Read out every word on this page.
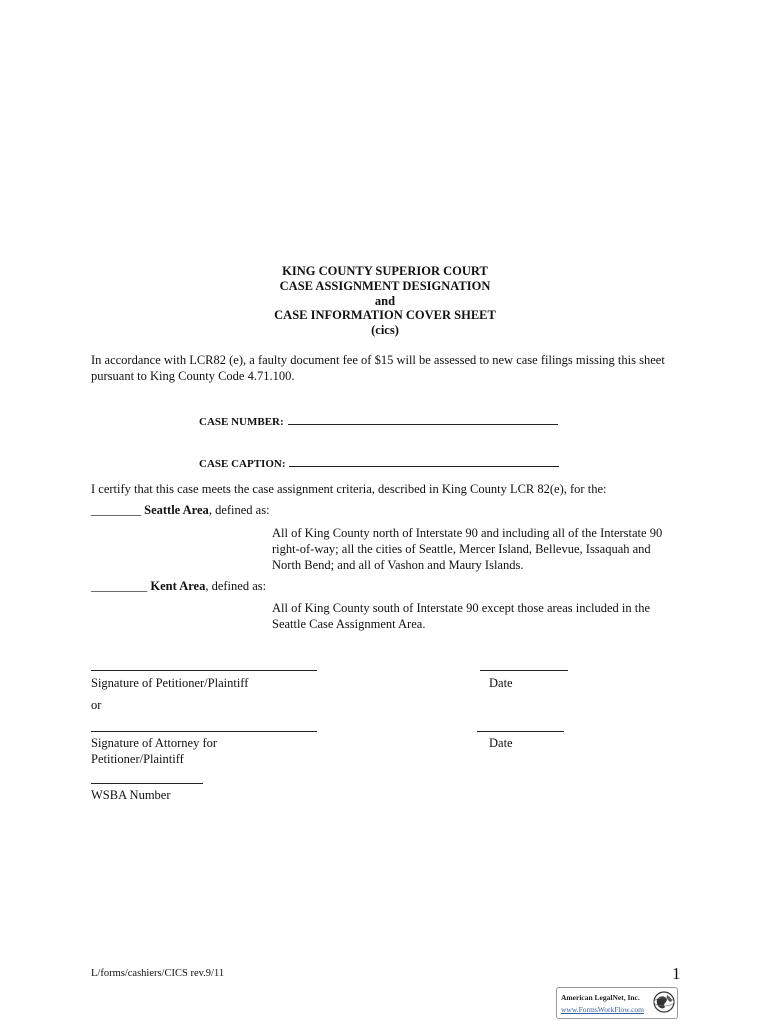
KING COUNTY SUPERIOR COURT
CASE ASSIGNMENT DESIGNATION
and
CASE INFORMATION COVER SHEET
(cics)
In accordance with LCR82 (e), a faulty document fee of $15 will be assessed to new case filings missing this sheet
pursuant to King County Code 4.71.100.
CASE NUMBER:
CASE CAPTION:
I certify that this case meets the case assignment criteria, described in King County LCR 82(e), for the:
________ Seattle Area, defined as:
All of King County north of Interstate 90 and including all of the Interstate 90
right-of-way; all the cities of Seattle, Mercer Island, Bellevue, Issaquah and
North Bend; and all of Vashon and Maury Islands.
_________ Kent Area, defined as:
All of King County south of Interstate 90 except those areas included in the
Seattle Case Assignment Area.
Signature of Petitioner/Plaintiff	Date
or
Signature of Attorney for
Petitioner/Plaintiff
Date
WSBA Number
L/forms/cashiers/CICS rev.9/11	1
American LegalNet, Inc.
www.FormsWorkFlow.com
